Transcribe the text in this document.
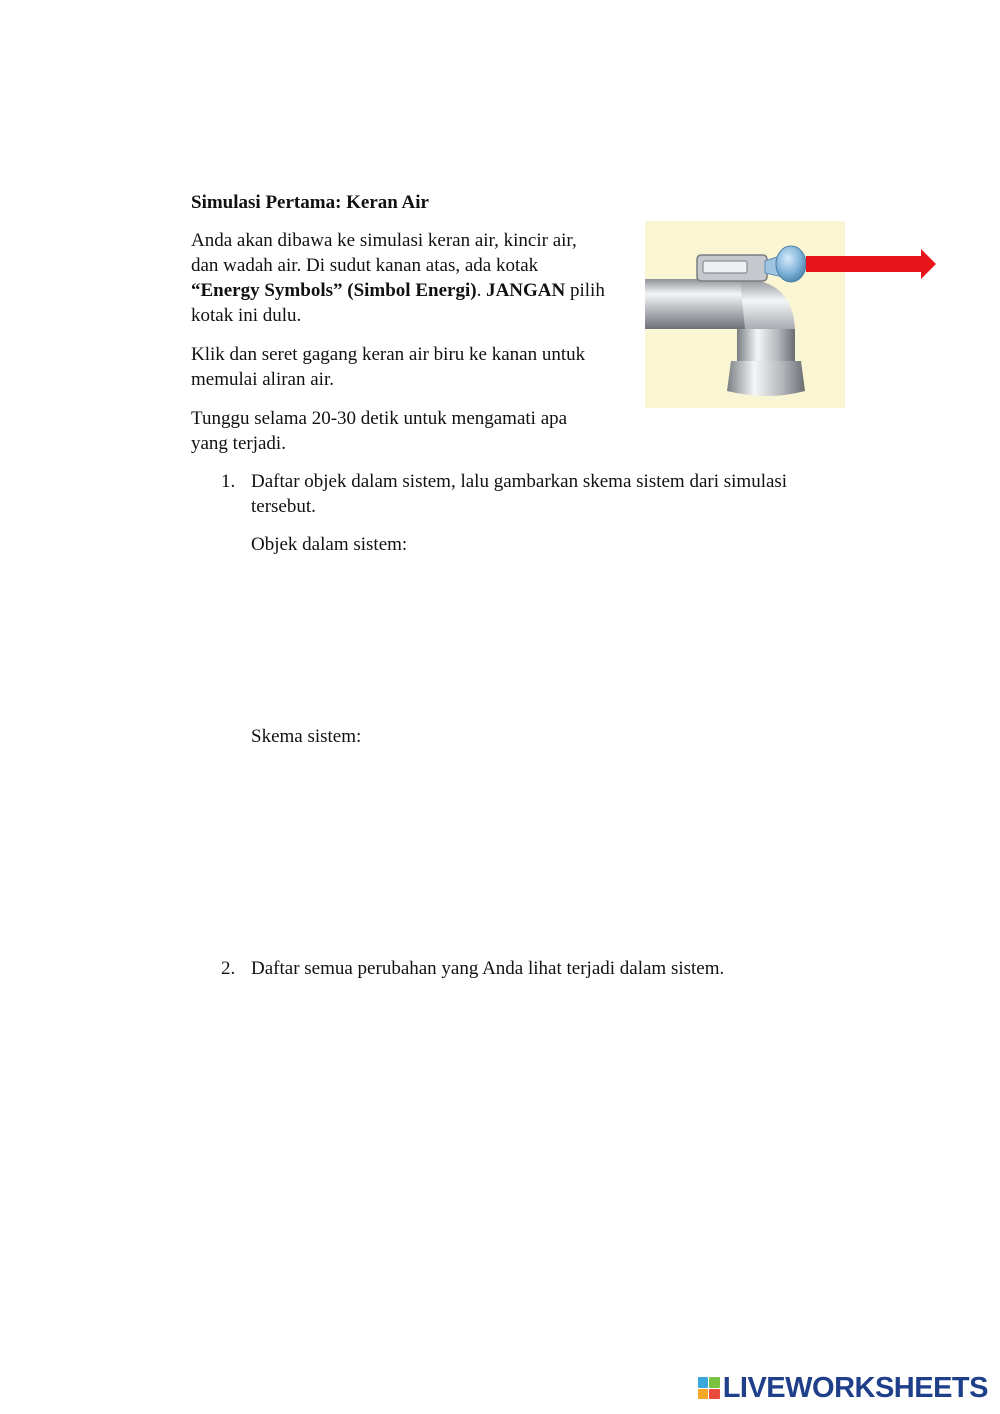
Simulasi Pertama: Keran Air

Anda akan dibawa ke simulasi keran air, kincir air,
dan wadah air. Di sudut kanan atas, ada kotak
“Energy Symbols” (Simbol Energi). JANGAN pilih
kotak ini dulu.

Klik dan seret gagang keran air biru ke kanan untuk
memulai aliran air.

Tunggu selama 20-30 detik untuk mengamati apa
yang terjadi.

1. Daftar objek dalam sistem, lalu gambarkan skema sistem dari simulasi
tersebut.

Objek dalam sistem:

Skema sistem:

2. Daftar semua perubahan yang Anda lihat terjadi dalam sistem.
LIVEWORKSHEETS
